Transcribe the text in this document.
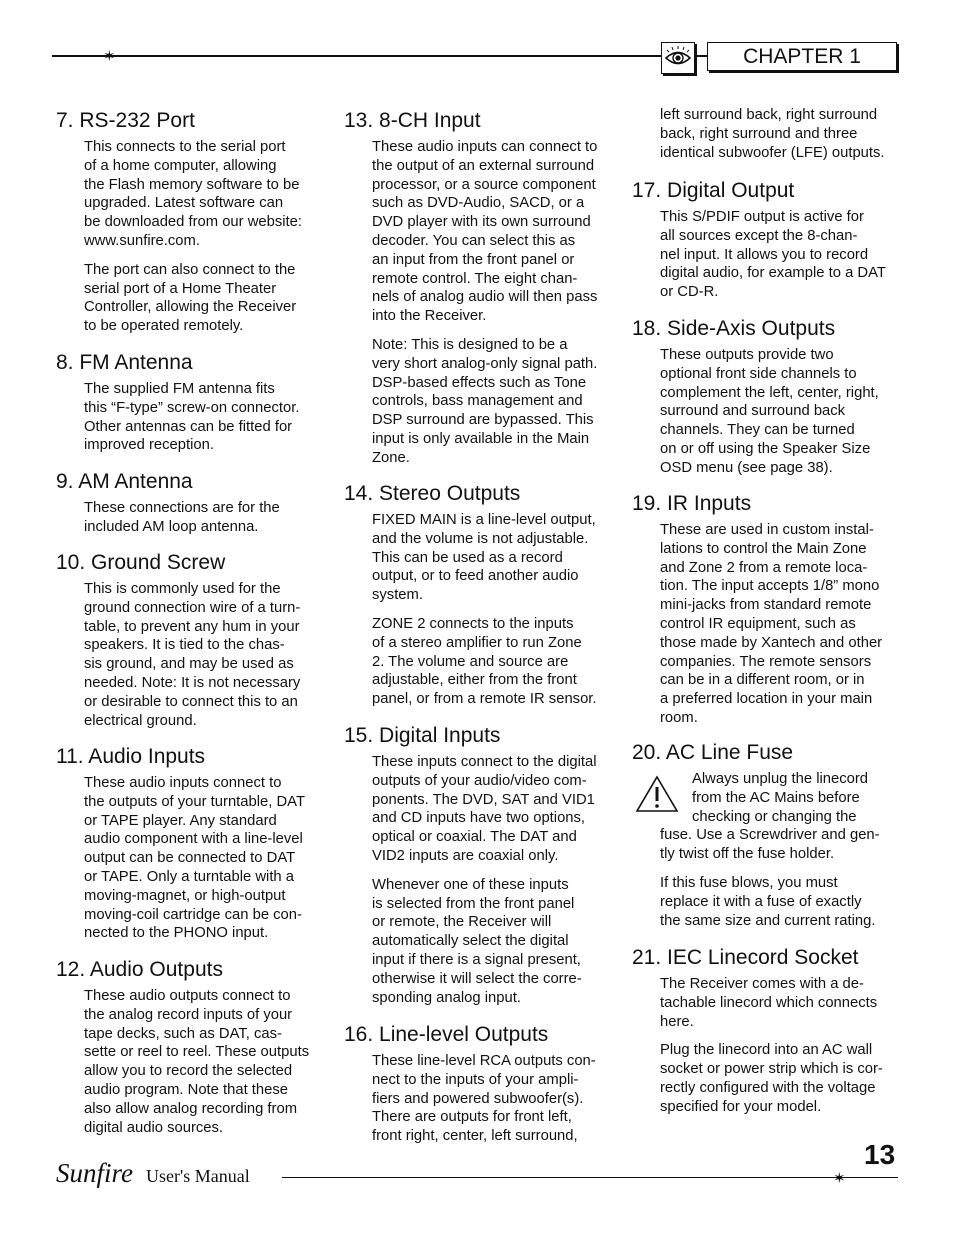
✶	CHAPTER 1
7. RS-232 Port

This connects to the serial port
of a home computer, allowing
the Flash memory software to be
upgraded. Latest software can
be downloaded from our website:
www.sunfire.com.

The port can also connect to the
serial port of a Home Theater
Controller, allowing the Receiver
to be operated remotely.

8. FM Antenna

The supplied FM antenna fits
this “F-type” screw-on connector.
Other antennas can be fitted for
improved reception.

9. AM Antenna

These connections are for the
included AM loop antenna.

10. Ground Screw

This is commonly used for the
ground connection wire of a turn-
table, to prevent any hum in your
speakers. It is tied to the chas-
sis ground, and may be used as
needed. Note: It is not necessary
or desirable to connect this to an
electrical ground.

11. Audio Inputs

These audio inputs connect to
the outputs of your turntable, DAT
or TAPE player. Any standard
audio component with a line-level
output can be connected to DAT
or TAPE. Only a turntable with a
moving-magnet, or high-output
moving-coil cartridge can be con-
nected to the PHONO input.

12. Audio Outputs

These audio outputs connect to
the analog record inputs of your
tape decks, such as DAT, cas-
sette or reel to reel. These outputs
allow you to record the selected
audio program. Note that these
also allow analog recording from
digital audio sources.

13. 8-CH Input

These audio inputs can connect to
the output of an external surround
processor, or a source component
such as DVD-Audio, SACD, or a
DVD player with its own surround
decoder. You can select this as
an input from the front panel or
remote control. The eight chan-
nels of analog audio will then pass
into the Receiver.

Note: This is designed to be a
very short analog-only signal path.
DSP-based effects such as Tone
controls, bass management and
DSP surround are bypassed. This
input is only available in the Main
Zone.

14. Stereo Outputs

FIXED MAIN is a line-level output,
and the volume is not adjustable.
This can be used as a record
output, or to feed another audio
system.

ZONE 2 connects to the inputs
of a stereo amplifier to run Zone
2. The volume and source are
adjustable, either from the front
panel, or from a remote IR sensor.

15. Digital Inputs

These inputs connect to the digital
outputs of your audio/video com-
ponents. The DVD, SAT and VID1
and CD inputs have two options,
optical or coaxial. The DAT and
VID2 inputs are coaxial only.

Whenever one of these inputs
is selected from the front panel
or remote, the Receiver will
automatically select the digital
input if there is a signal present,
otherwise it will select the corre-
sponding analog input.

16. Line-level Outputs

These line-level RCA outputs con-
nect to the inputs of your ampli-
fiers and powered subwoofer(s).
There are outputs for front left,
front right, center, left surround,

left surround back, right surround
back, right surround and three
identical subwoofer (LFE) outputs.

17. Digital Output

This S/PDIF output is active for
all sources except the 8-chan-
nel input. It allows you to record
digital audio, for example to a DAT
or CD-R.

18. Side-Axis Outputs

These outputs provide two
optional front side channels to
complement the left, center, right,
surround and surround back
channels. They can be turned
on or off using the Speaker Size
OSD menu (see page 38).

19. IR Inputs

These are used in custom instal-
lations to control the Main Zone
and Zone 2 from a remote loca-
tion. The input accepts 1/8” mono
mini-jacks from standard remote
control IR equipment, such as
those made by Xantech and other
companies. The remote sensors
can be in a different room, or in
a preferred location in your main
room.

20. AC Line Fuse
Always unplug the linecord
from the AC Mains before
checking or changing the

fuse. Use a Screwdriver and gen-
tly twist off the fuse holder.

If this fuse blows, you must
replace it with a fuse of exactly
the same size and current rating.

21. IEC Linecord Socket

The Receiver comes with a de-
tachable linecord which connects
here.

Plug the linecord into an AC wall
socket or power strip which is cor-
rectly configured with the voltage
specified for your model.

13
Sunfire User's Manual	✶
